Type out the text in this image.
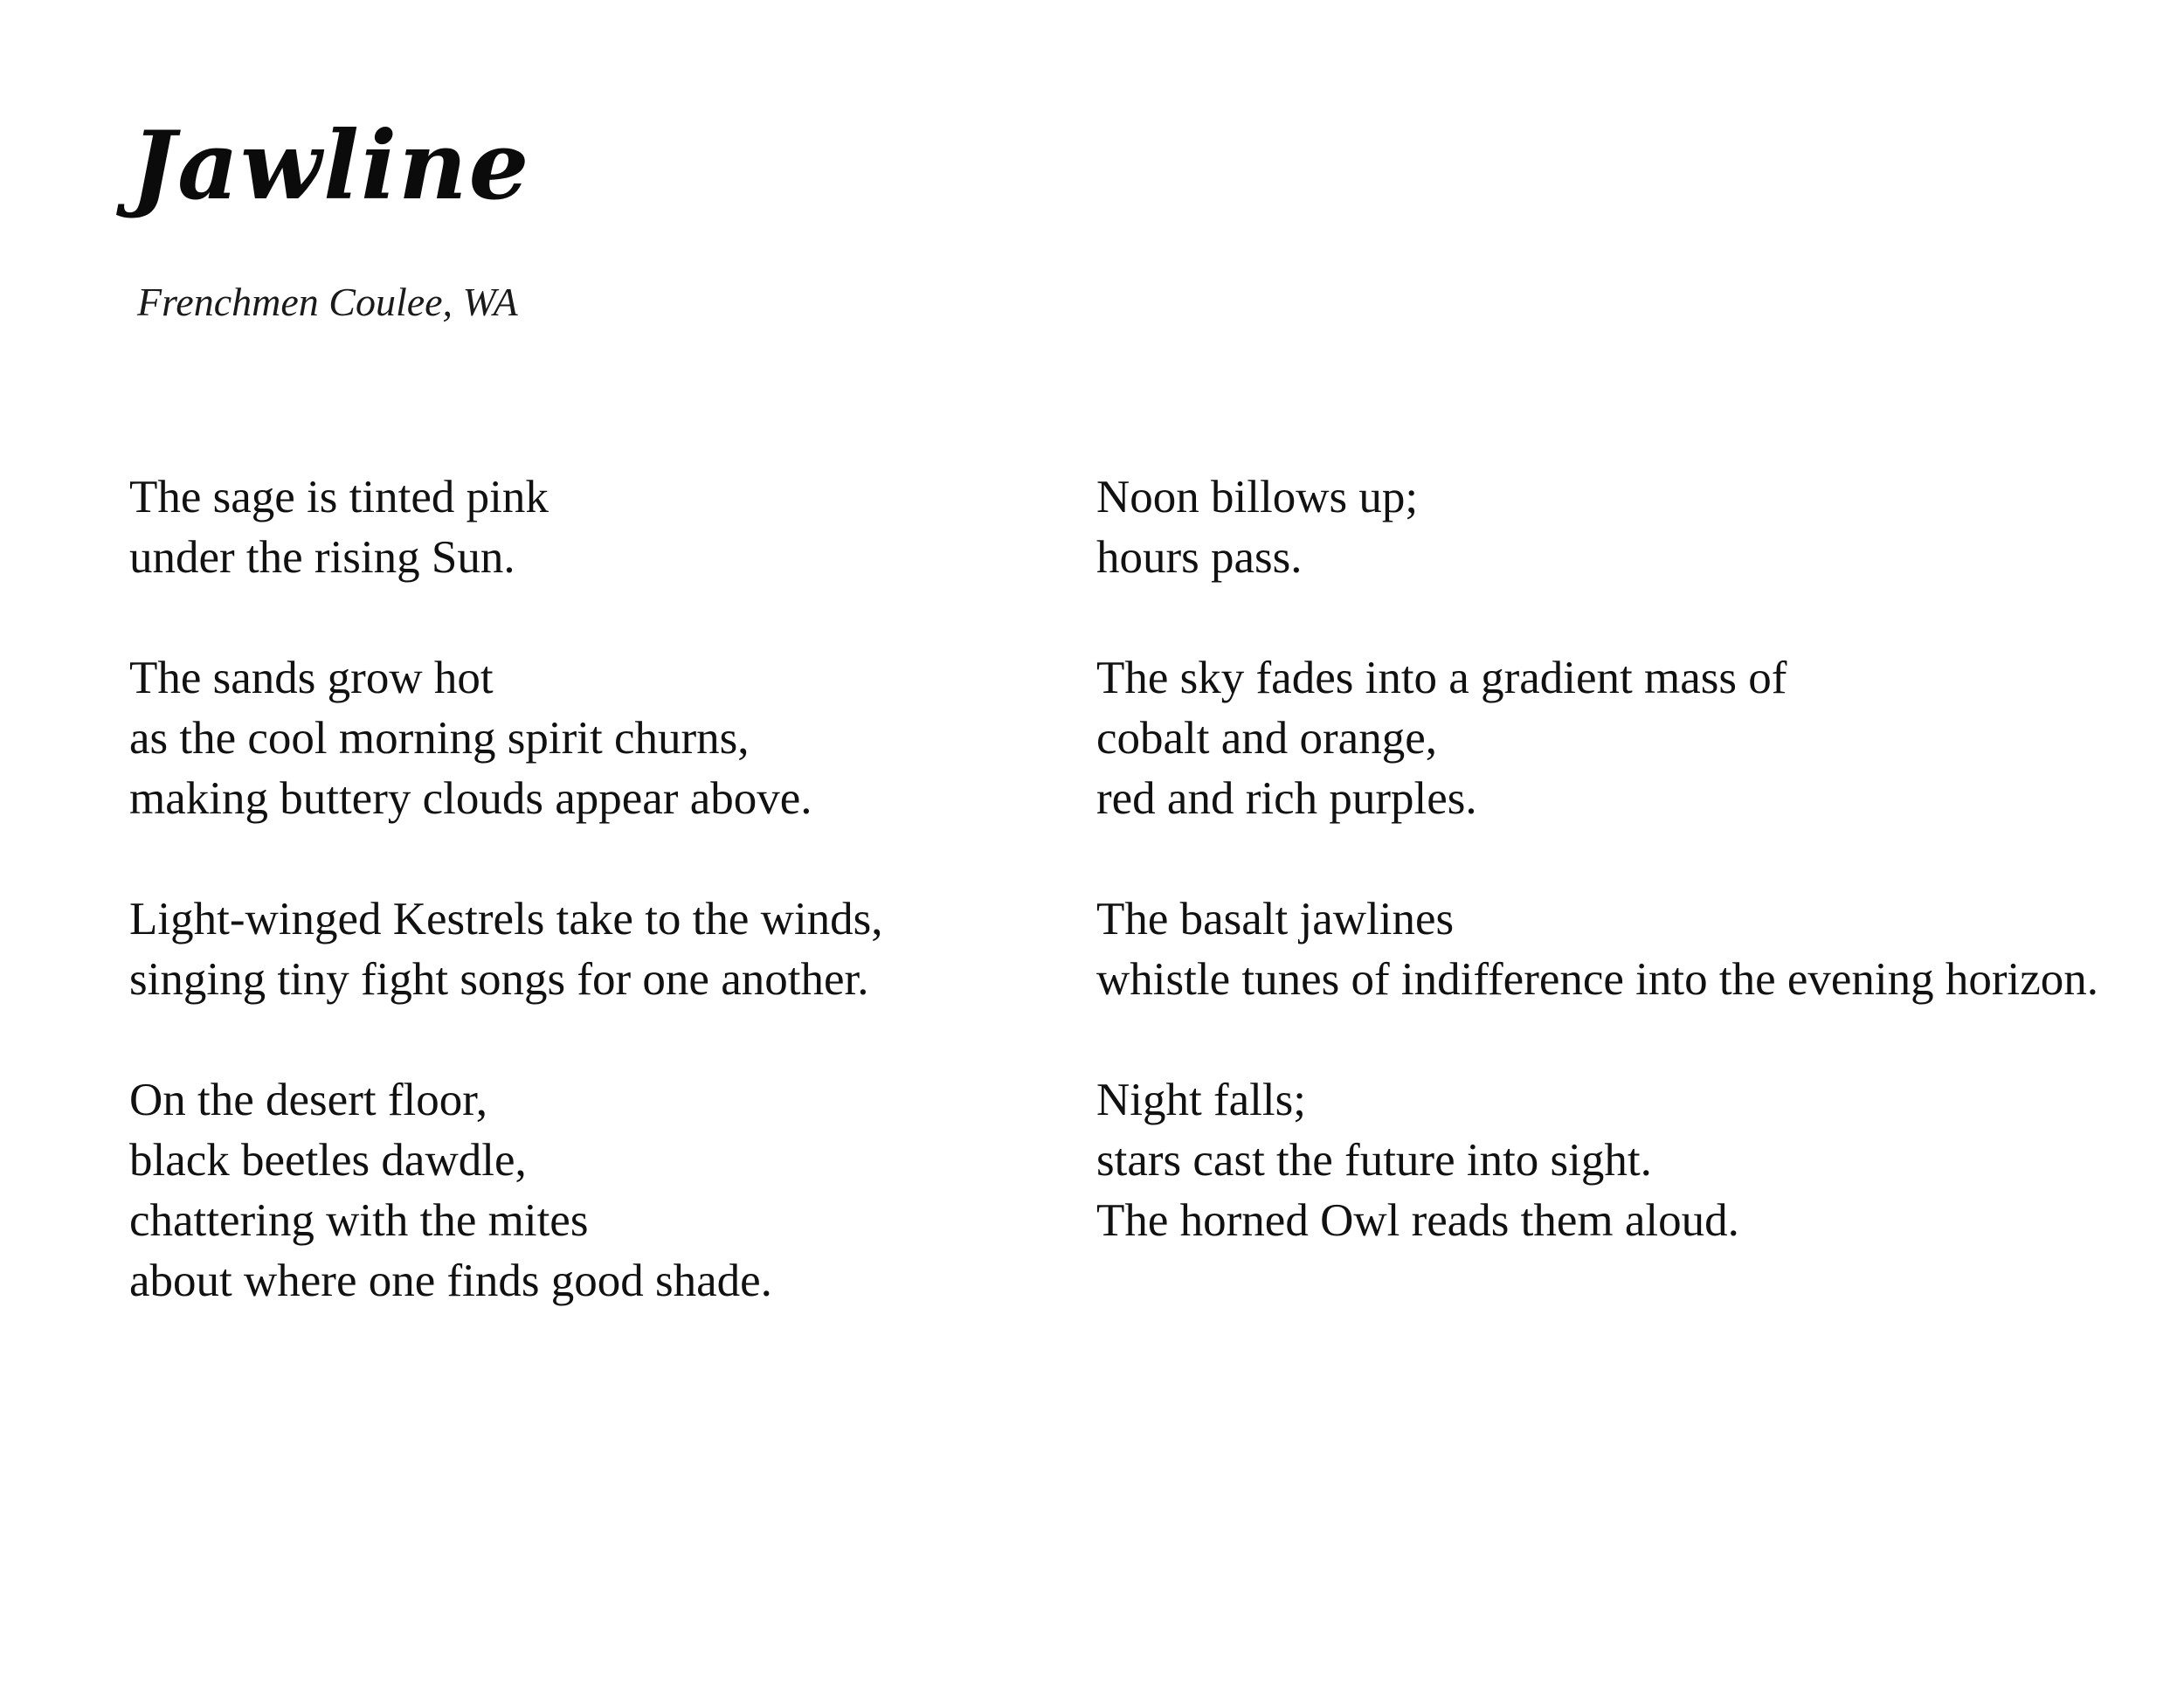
Jawline

Frenchmen Coulee, WA

The sage is tinted pink
under the rising Sun.
The sands grow hot
as the cool morning spirit churns,
making buttery clouds appear above.
Light-winged Kestrels take to the winds,
singing tiny fight songs for one another.
On the desert floor,
black beetles dawdle,
chattering with the mites
about where one finds good shade.
Noon billows up;
hours pass.
The sky fades into a gradient mass of
cobalt and orange,
red and rich purples.
The basalt jawlines
whistle tunes of indifference into the evening horizon.
Night falls;
stars cast the future into sight.
The horned Owl reads them aloud.
